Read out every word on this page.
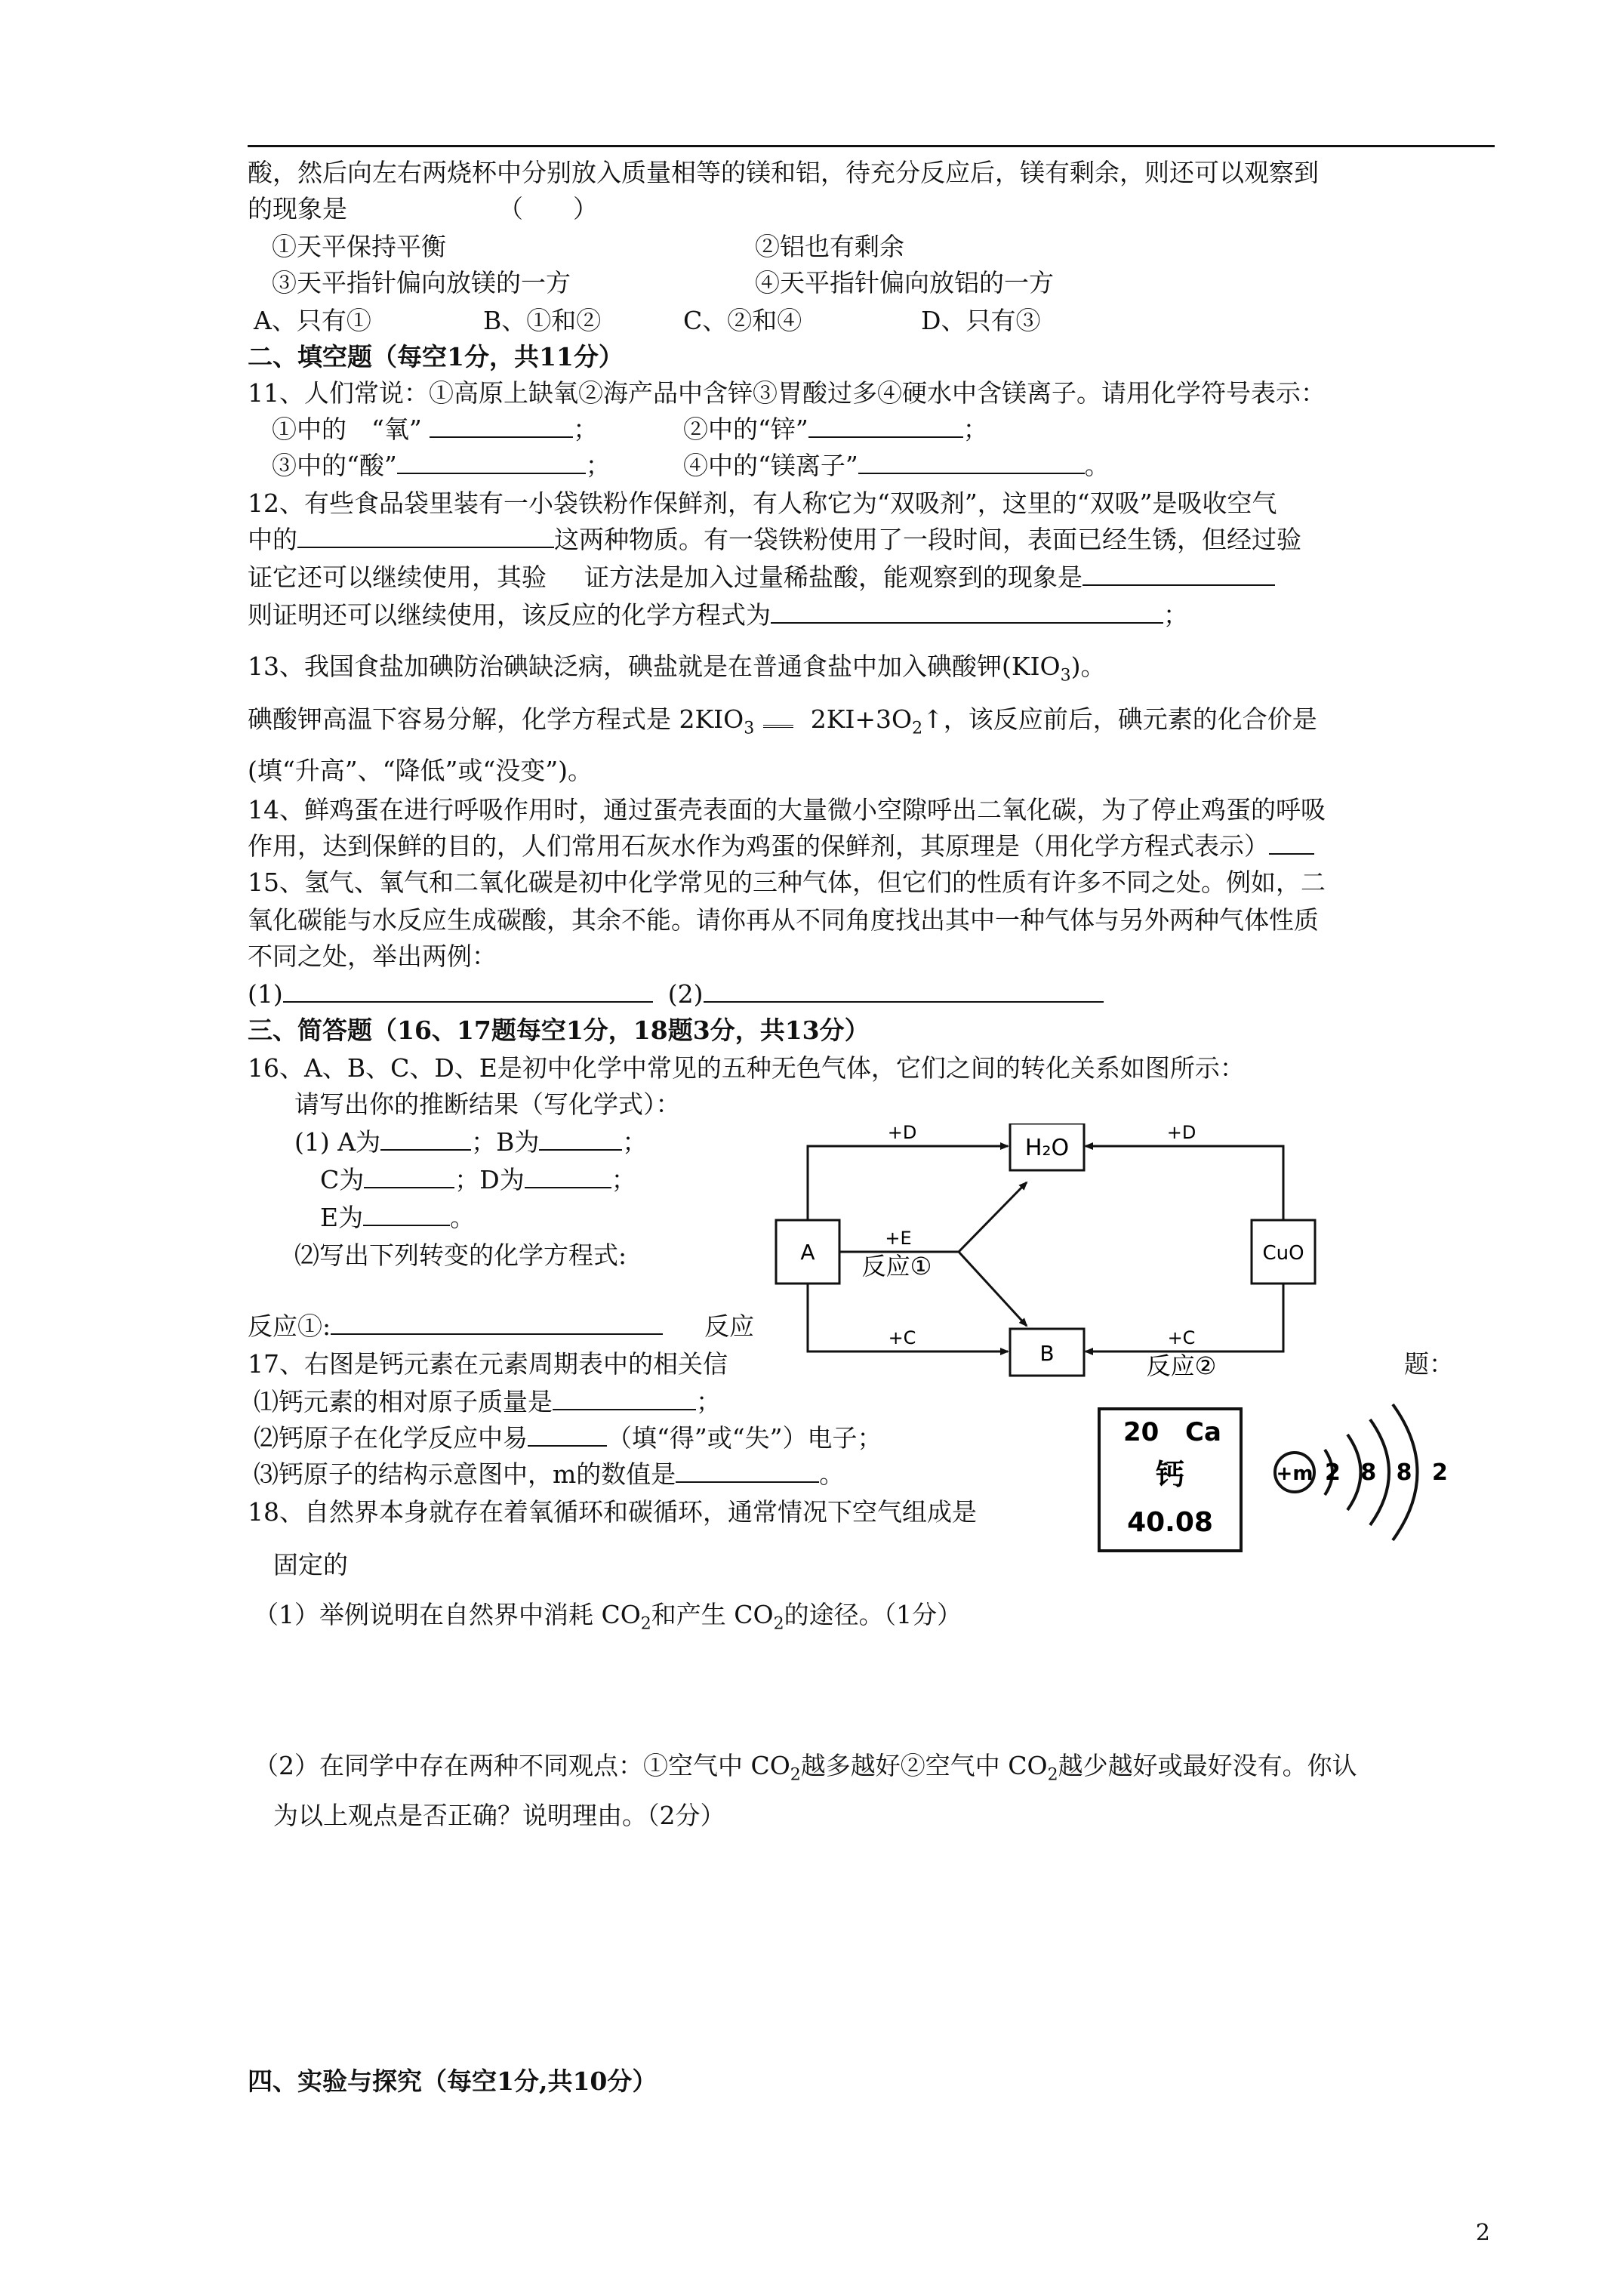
酸，然后向左右两烧杯中分别放入质量相等的镁和铝，待充分反应后，镁有剩余，则还可以观察到
的现象是	（　　）
①天平保持平衡	②铝也有剩余
③天平指针偏向放镁的一方	④天平指针偏向放铝的一方
A、只有①	B、①和②	C、②和④	D、只有③
二、填空题（每空1分，共11分）
11、人们常说：①高原上缺氧②海产品中含锌③胃酸过多④硬水中含镁离子。请用化学符号表示：
①中的　“氧”	；	②中的“锌”	；
③中的“酸”	；	④中的“镁离子”	。
12、有些食品袋里装有一小袋铁粉作保鲜剂，有人称它为“双吸剂”，这里的“双吸”是吸收空气
中的	这两种物质。有一袋铁粉使用了一段时间，表面已经生锈，但经过验
证它还可以继续使用，其验 证方法是加入过量稀盐酸，能观察到的现象是
则证明还可以继续使用，该反应的化学方程式为	；
13、我国食盐加碘防治碘缺泛病，碘盐就是在普通食盐中加入碘酸钾$(KIO_3)$。
碘酸钾高温下容易分解，化学方程式是 $2KIO_3$ $2KI+3O_2↑$，该反应前后，碘元素的化合价是
(填“升高”、“降低”或“没变”)。
14、鲜鸡蛋在进行呼吸作用时，通过蛋壳表面的大量微小空隙呼出二氧化碳，为了停止鸡蛋的呼吸
作用，达到保鲜的目的，人们常用石灰水作为鸡蛋的保鲜剂，其原理是（用化学方程式表示）
15、氢气、氧气和二氧化碳是初中化学常见的三种气体，但它们的性质有许多不同之处。例如，二
氧化碳能与水反应生成碳酸，其余不能。请你再从不同角度找出其中一种气体与另外两种气体性质
不同之处，举出两例：
(1)	(2)
三、简答题（16、17题每空1分，18题3分，共13分）
16、A、B、C、D、E是初中化学中常见的五种无色气体，它们之间的转化关系如图所示：
请写出你的推断结果（写化学式）：
(1) A为	；B为	；
C为	；D为	；
E为	。
⑵写出下列转变的化学方程式:
反应①:	反应
A
H₂O
CuO
B
+D	+D
+E
反应①
+C	+C
反应②
17、右图是钙元素在元素周期表中的相关信	题：
⑴钙元素的相对原子质量是	；
⑵钙原子在化学反应中易	（填“得”或“失”）电子；
⑶钙原子的结构示意图中，m的数值是	。
20 Ca
钙
40.08
+m 2 8 8 2
18、自然界本身就存在着氧循环和碳循环，通常情况下空气组成是
固定的
（1）举例说明在自然界中消耗 $CO_2$和产生 $CO_2$的途径。（1分）
（2）在同学中存在两种不同观点：①空气中 $CO_2$越多越好②空气中 $CO_2$越少越好或最好没有。你认
为以上观点是否正确？说明理由。（2分）
四、实验与探究（每空1分,共10分）
2
